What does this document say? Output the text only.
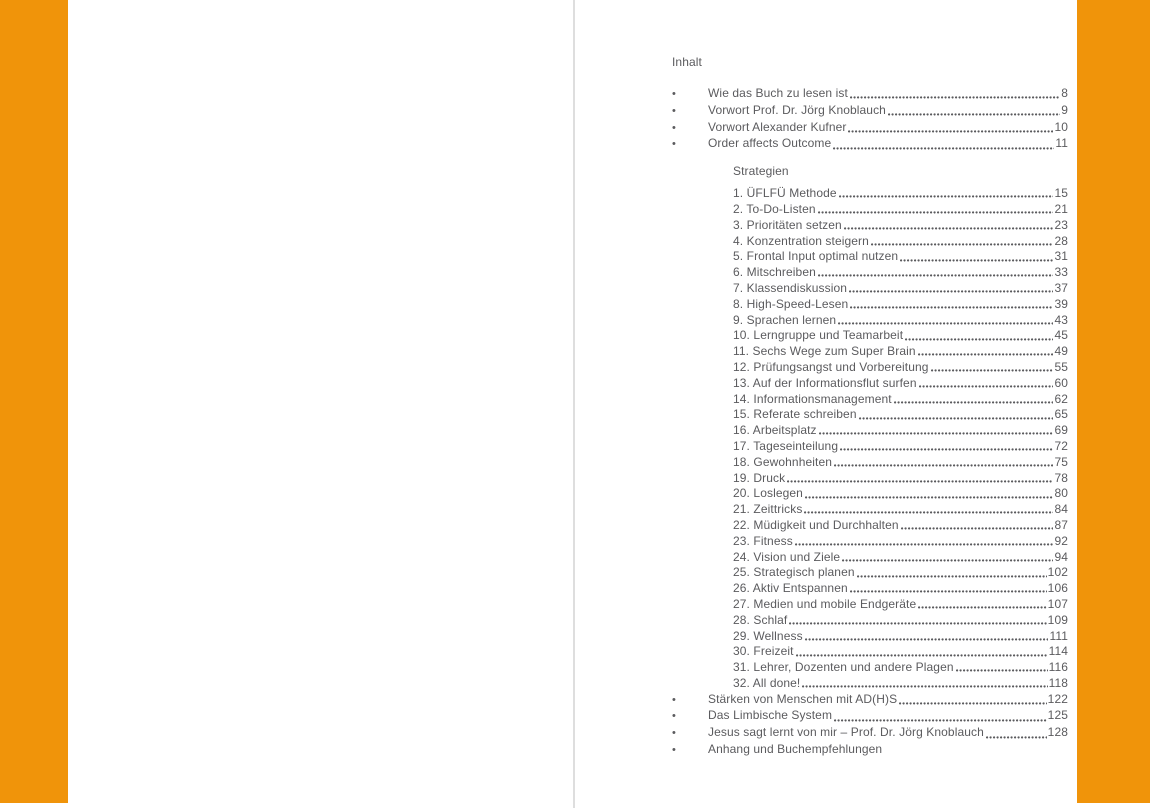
Inhalt
•	Wie das Buch zu lesen ist	8
•	Vorwort Prof. Dr. Jörg Knoblauch	9
•	Vorwort Alexander Kufner	10
•	Order affects Outcome	11
Strategien
1. ÜFLFÜ Methode	15
2. To-Do-Listen	21
3. Prioritäten setzen	23
4. Konzentration steigern	28
5. Frontal Input optimal nutzen	31
6. Mitschreiben	33
7. Klassendiskussion	37
8. High-Speed-Lesen	39
9. Sprachen lernen	43
10. Lerngruppe und Teamarbeit	45
11. Sechs Wege zum Super Brain	49
12. Prüfungsangst und Vorbereitung	55
13. Auf der Informationsflut surfen	60
14. Informationsmanagement	62
15. Referate schreiben	65
16. Arbeitsplatz	69
17. Tageseinteilung	72
18. Gewohnheiten	75
19. Druck	78
20. Loslegen	80
21. Zeittricks	84
22. Müdigkeit und Durchhalten	87
23. Fitness	92
24. Vision und Ziele	94
25. Strategisch planen	102
26. Aktiv Entspannen	106
27. Medien und mobile Endgeräte	107
28. Schlaf	109
29. Wellness	111
30. Freizeit	114
31. Lehrer, Dozenten und andere Plagen	116
32. All done!	118
•	Stärken von Menschen mit AD(H)S	122
•	Das Limbische System	125
•	Jesus sagt lernt von mir – Prof. Dr. Jörg Knoblauch	128
•	Anhang und Buchempfehlungen
